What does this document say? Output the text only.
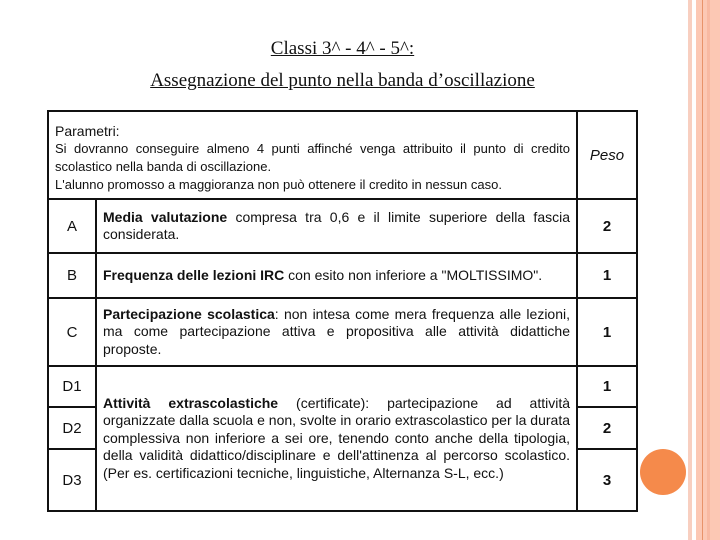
Classi 3^ - 4^ - 5^:
Assegnazione del punto nella banda d’oscillazione
Parametri:
Si dovranno conseguire almeno 4 punti affinché venga attribuito il punto di credito scolastico nella banda di oscillazione.
L'alunno promosso a maggioranza non può ottenere il credito in nessun caso.		Peso
A	Media valutazione compresa tra 0,6 e il limite superiore della fascia considerata.	2
B	Frequenza delle lezioni IRC con esito non inferiore a "MOLTISSIMO".	1
C	Partecipazione scolastica: non intesa come mera frequenza alle lezioni, ma come partecipazione attiva e propositiva alle attività didattiche proposte.	1
D1	Attività extrascolastiche (certificate): partecipazione ad attività organizzate dalla scuola e non, svolte in orario extrascolastico per la durata complessiva non inferiore a sei ore, tenendo conto anche della tipologia, della validità didattico/disciplinare e dell'attinenza al percorso scolastico. (Per es. certificazioni tecniche, linguistiche, Alternanza S-L, ecc.)	1
D2		2
D3		3
